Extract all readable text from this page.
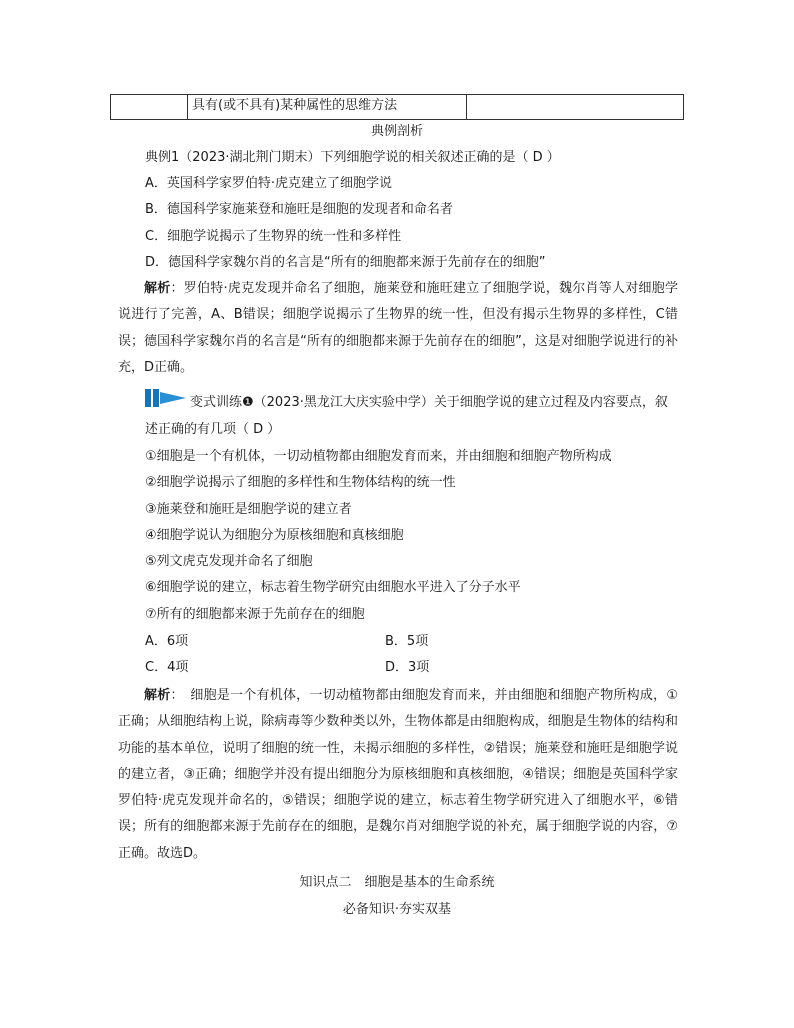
具有(或不具有)某种属性的思维方法
典例剖析
典例1（2023·湖北荆门期末）下列细胞学说的相关叙述正确的是（ D ）
A．英国科学家罗伯特·虎克建立了细胞学说
B．德国科学家施莱登和施旺是细胞的发现者和命名者
C．细胞学说揭示了生物界的统一性和多样性
D．德国科学家魏尔肖的名言是“所有的细胞都来源于先前存在的细胞”
解析：罗伯特·虎克发现并命名了细胞，施莱登和施旺建立了细胞学说，魏尔肖等人对细胞学说进行了完善，A、B错误；细胞学说揭示了生物界的统一性，但没有揭示生物界的多样性，C错误；德国科学家魏尔肖的名言是“所有的细胞都来源于先前存在的细胞”，这是对细胞学说进行的补充，D正确。
变式训练❶（2023·黑龙江大庆实验中学）关于细胞学说的建立过程及内容要点，叙
述正确的有几项（ D ）
①细胞是一个有机体，一切动植物都由细胞发育而来，并由细胞和细胞产物所构成
②细胞学说揭示了细胞的多样性和生物体结构的统一性
③施莱登和施旺是细胞学说的建立者
④细胞学说认为细胞分为原核细胞和真核细胞
⑤列文虎克发现并命名了细胞
⑥细胞学说的建立，标志着生物学研究由细胞水平进入了分子水平
⑦所有的细胞都来源于先前存在的细胞
A．6项	B．5项
C．4项	D．3项
解析：　细胞是一个有机体，一切动植物都由细胞发育而来，并由细胞和细胞产物所构成，①正确；从细胞结构上说，除病毒等少数种类以外，生物体都是由细胞构成，细胞是生物体的结构和功能的基本单位，说明了细胞的统一性，未揭示细胞的多样性，②错误；施莱登和施旺是细胞学说的建立者，③正确；细胞学并没有提出细胞分为原核细胞和真核细胞，④错误；细胞是英国科学家罗伯特·虎克发现并命名的，⑤错误；细胞学说的建立，标志着生物学研究进入了细胞水平，⑥错误；所有的细胞都来源于先前存在的细胞，是魏尔肖对细胞学说的补充，属于细胞学说的内容，⑦正确。故选D。
知识点二　细胞是基本的生命系统
必备知识·夯实双基
